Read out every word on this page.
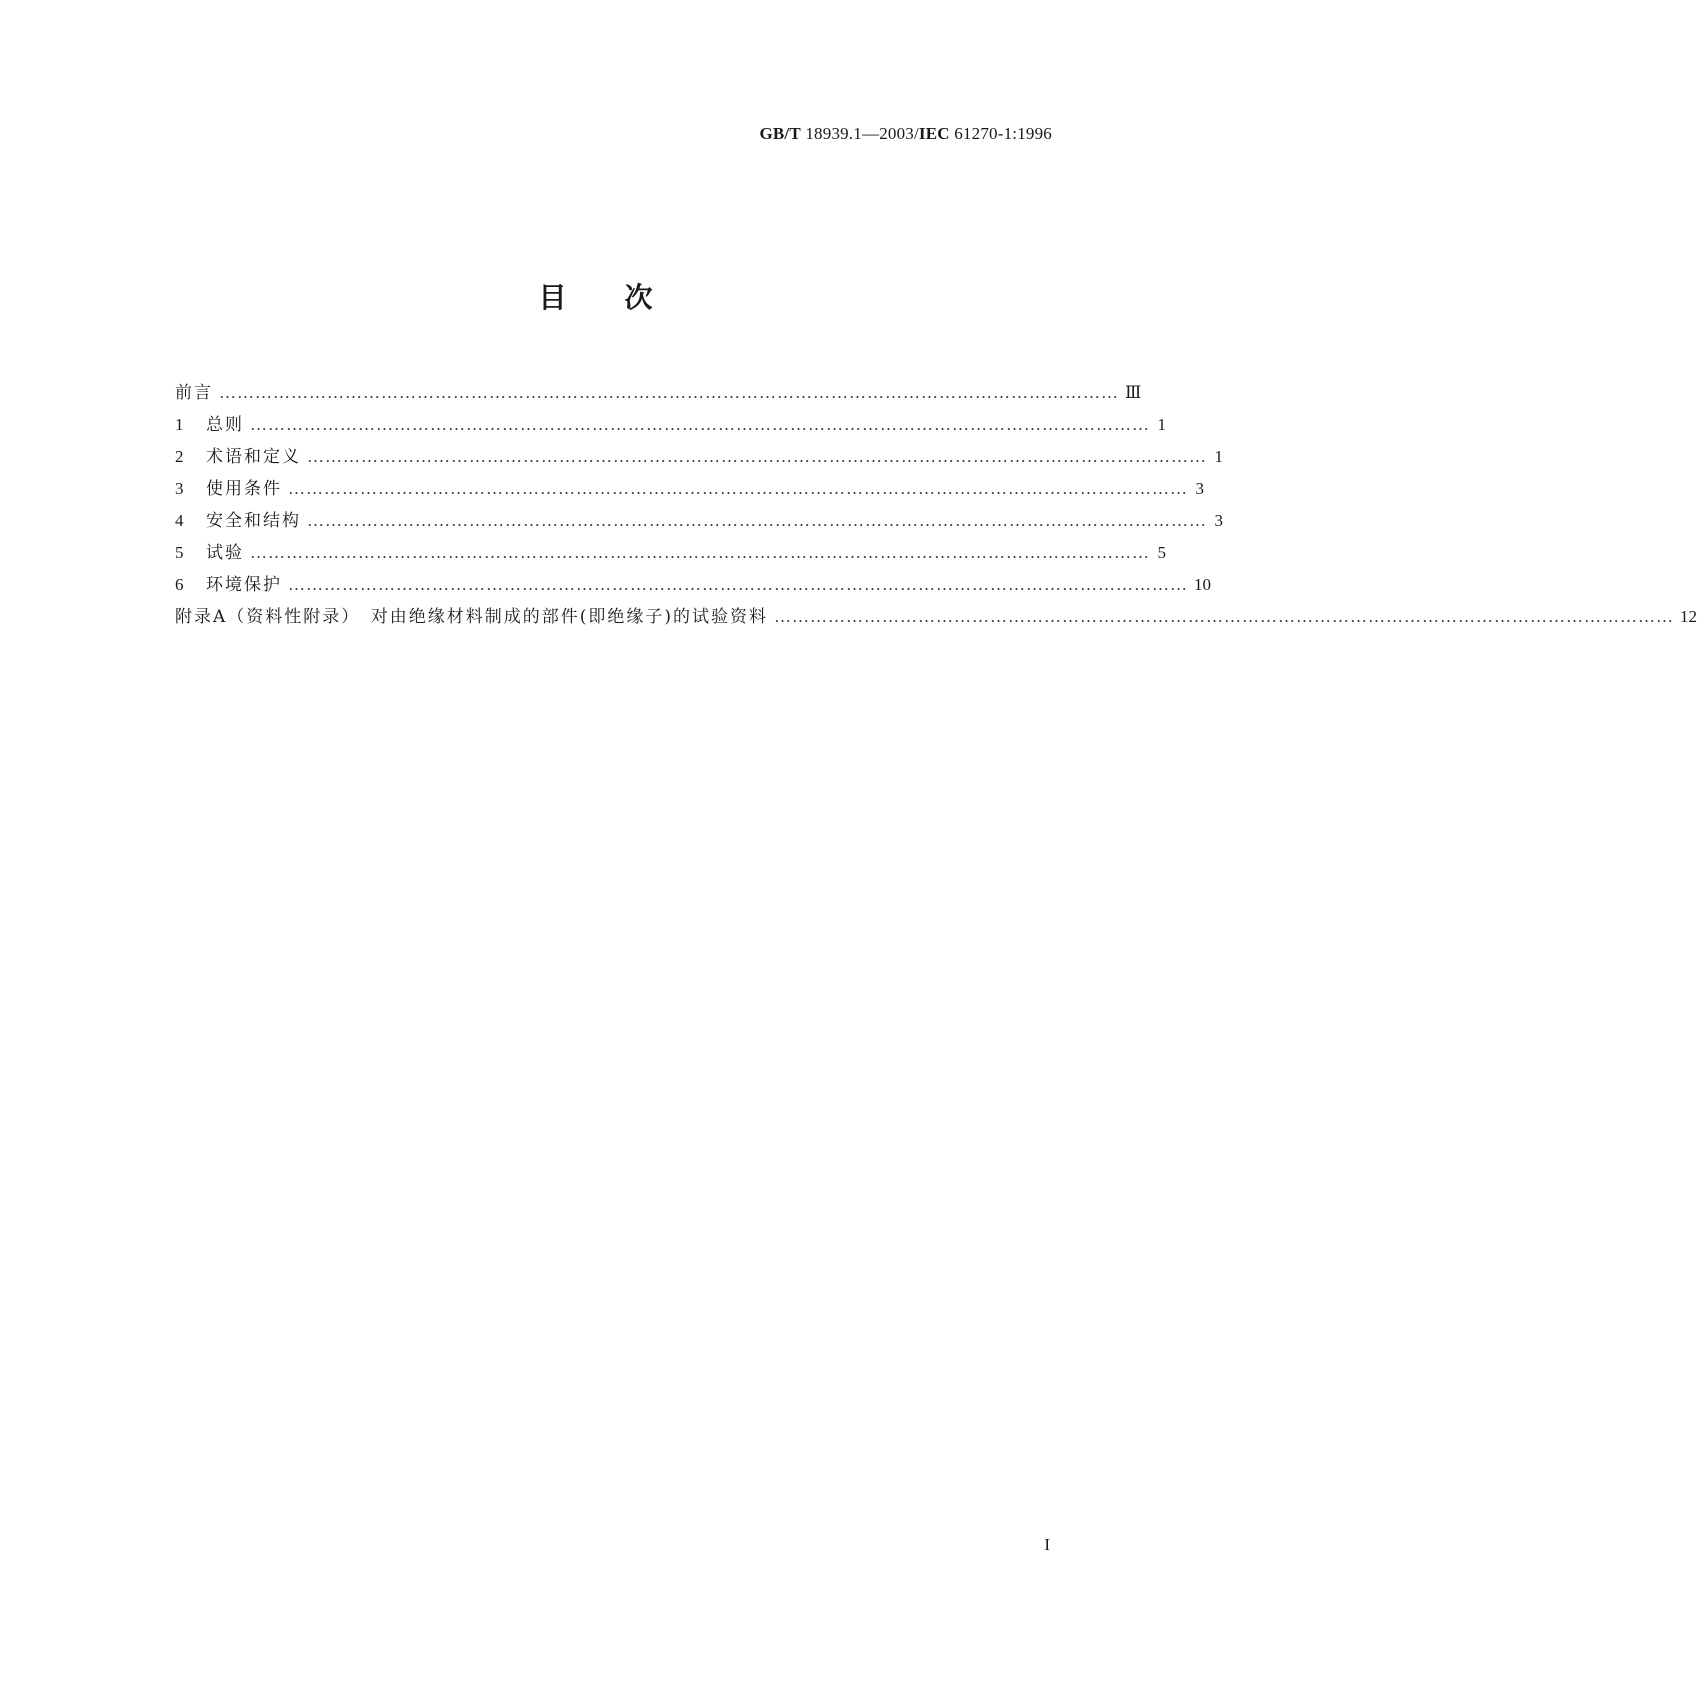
GB/T 18939.1—2003/IEC 61270-1:1996
目次
前言 …………………………………………………………………………………………………………………………………… Ⅲ
1	总则 …………………………………………………………………………………………………………………………………… 1
2	术语和定义 …………………………………………………………………………………………………………………………………… 1
3	使用条件 …………………………………………………………………………………………………………………………………… 3
4	安全和结构 …………………………………………………………………………………………………………………………………… 3
5	试验 …………………………………………………………………………………………………………………………………… 5
6	环境保护 …………………………………………………………………………………………………………………………………… 10
附录A（资料性附录）　对由绝缘材料制成的部件(即绝缘子)的试验资料 …………………………………………………………………………………………………………………………………… 12
I
